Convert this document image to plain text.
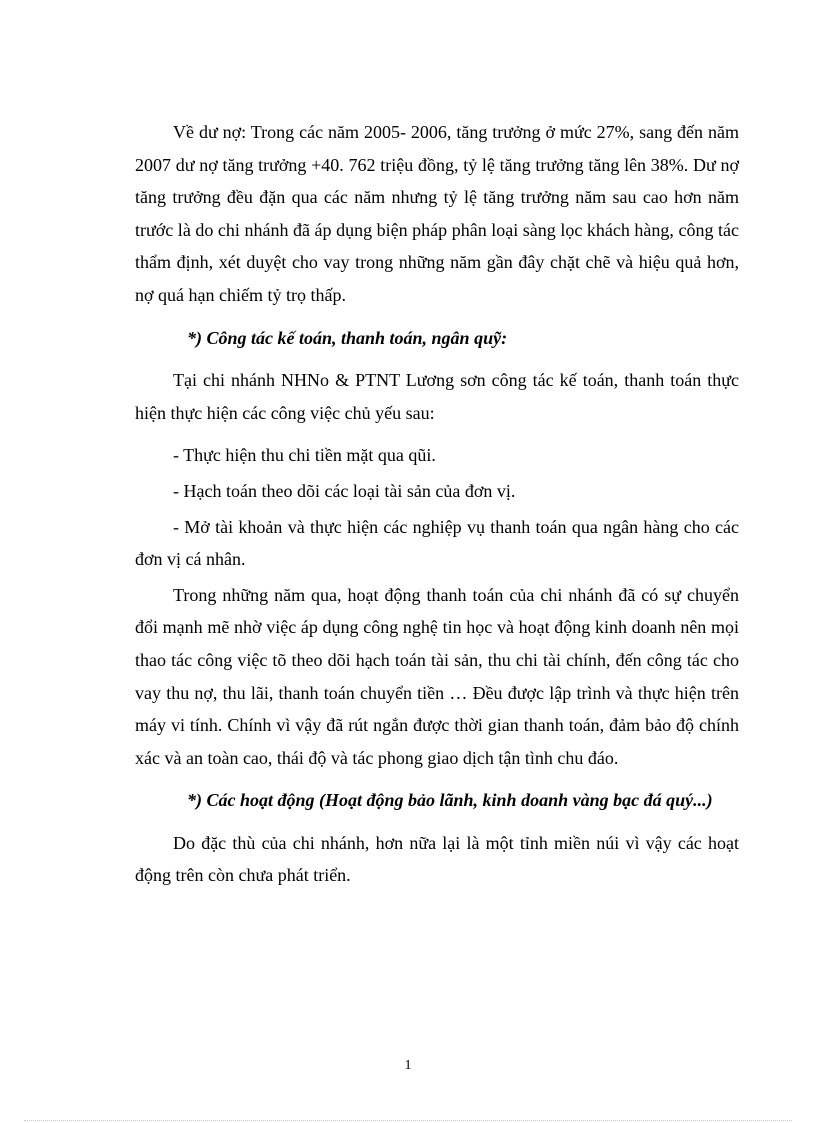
Về dư nợ: Trong các năm 2005- 2006, tăng trưởng ở mức 27%, sang đến năm 2007 dư nợ tăng trưởng +40. 762 triệu đồng, tỷ lệ tăng trưởng tăng lên 38%. Dư nợ tăng trưởng đều đặn qua các năm nhưng tỷ lệ tăng trưởng năm sau cao hơn năm trước là do chi nhánh đã áp dụng biện pháp phân loại sàng lọc khách hàng, công tác thẩm định, xét duyệt cho vay trong những năm gần đây chặt chẽ và hiệu quả hơn, nợ quá hạn chiếm tỷ trọ thấp.

*) Công tác kế toán, thanh toán, ngân quỹ:

Tại chi nhánh NHNo & PTNT Lương sơn công tác kế toán, thanh toán thực hiện thực hiện các công việc chủ yếu sau:

- Thực hiện thu chi tiền mặt qua qũi.

- Hạch toán theo dõi các loại tài sản của đơn vị.

- Mở tài khoản và thực hiện các nghiệp vụ thanh toán qua ngân hàng cho các đơn vị cá nhân.

Trong những năm qua, hoạt động thanh toán của chi nhánh đã có sự chuyển đổi mạnh mẽ nhờ việc áp dụng công nghệ tin học và hoạt động kinh doanh nên mọi thao tác công việc tõ theo dõi hạch toán tài sản, thu chi tài chính, đến công tác cho vay thu nợ, thu lãi, thanh toán chuyển tiền … Đều được lập trình và thực hiện trên máy vi tính. Chính vì vậy đã rút ngắn được thời gian thanh toán, đảm bảo độ chính xác và an toàn cao, thái độ và tác phong giao dịch tận tình chu đáo.

*) Các hoạt động (Hoạt động bảo lãnh, kinh doanh vàng bạc đá quý...)

Do đặc thù của chi nhánh, hơn nữa lại là một tỉnh miền núi vì vậy các hoạt động trên còn chưa phát triển.

1
